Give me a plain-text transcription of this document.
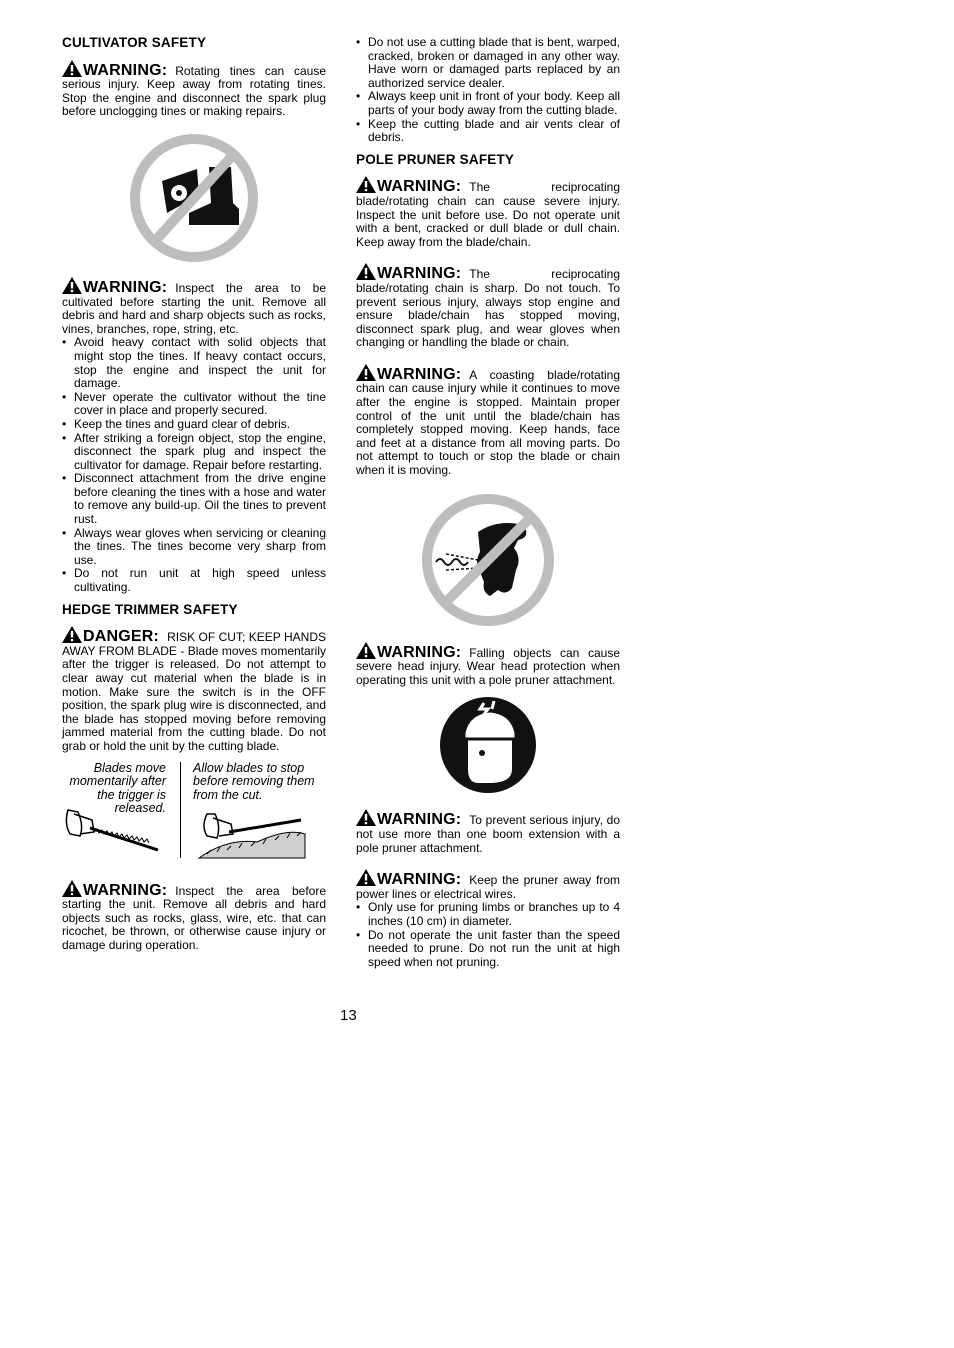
CULTIVATOR SAFETY

WARNING: Rotating tines can cause serious injury. Keep away from rotating tines. Stop the engine and disconnect the spark plug before unclogging tines or making repairs.

WARNING: Inspect the area to be cultivated before starting the unit. Remove all debris and hard and sharp objects such as rocks, vines, branches, rope, string, etc.

• Avoid heavy contact with solid objects that might stop the tines. If heavy contact occurs, stop the engine and inspect the unit for damage.
• Never operate the cultivator without the tine cover in place and properly secured.
• Keep the tines and guard clear of debris.
• After striking a foreign object, stop the engine, disconnect the spark plug and inspect the cultivator for damage. Repair before restarting.
• Disconnect attachment from the drive engine before cleaning the tines with a hose and water to remove any build-up. Oil the tines to prevent rust.
• Always wear gloves when servicing or cleaning the tines. The tines become very sharp from use.
• Do not run unit at high speed unless cultivating.
HEDGE TRIMMER SAFETY

DANGER: RISK OF CUT; KEEP HANDS AWAY FROM BLADE - Blade moves momentarily after the trigger is released. Do not attempt to clear away cut material when the blade is in motion. Make sure the switch is in the OFF position, the spark plug wire is disconnected, and the blade has stopped moving before removing jammed material from the cutting blade. Do not grab or hold the unit by the cutting blade.

Blades move momentarily after the trigger is released.
Allow blades to stop before removing them from the cut.

WARNING: Inspect the area before starting the unit. Remove all debris and hard objects such as rocks, glass, wire, etc. that can ricochet, be thrown, or otherwise cause injury or damage during operation.

• Do not use a cutting blade that is bent, warped, cracked, broken or damaged in any other way. Have worn or damaged parts replaced by an authorized service dealer.
• Always keep unit in front of your body. Keep all parts of your body away from the cutting blade.
• Keep the cutting blade and air vents clear of debris.
POLE PRUNER SAFETY

WARNING: The reciprocating blade/rotating chain can cause severe injury. Inspect the unit before use. Do not operate unit with a bent, cracked or dull blade or dull chain. Keep away from the blade/chain.

WARNING: The reciprocating blade/rotating chain is sharp. Do not touch. To prevent serious injury, always stop engine and ensure blade/chain has stopped moving, disconnect spark plug, and wear gloves when changing or handling the blade or chain.

WARNING: A coasting blade/rotating chain can cause injury while it continues to move after the engine is stopped. Maintain proper control of the unit until the blade/chain has completely stopped moving. Keep hands, face and feet at a distance from all moving parts. Do not attempt to touch or stop the blade or chain when it is moving.

WARNING: Falling objects can cause severe head injury. Wear head protection when operating this unit with a pole pruner attachment.

WARNING: To prevent serious injury, do not use more than one boom extension with a pole pruner attachment.

WARNING: Keep the pruner away from power lines or electrical wires.

• Only use for pruning limbs or branches up to 4 inches (10 cm) in diameter.
• Do not operate the unit faster than the speed needed to prune. Do not run the unit at high speed when not pruning.
13
